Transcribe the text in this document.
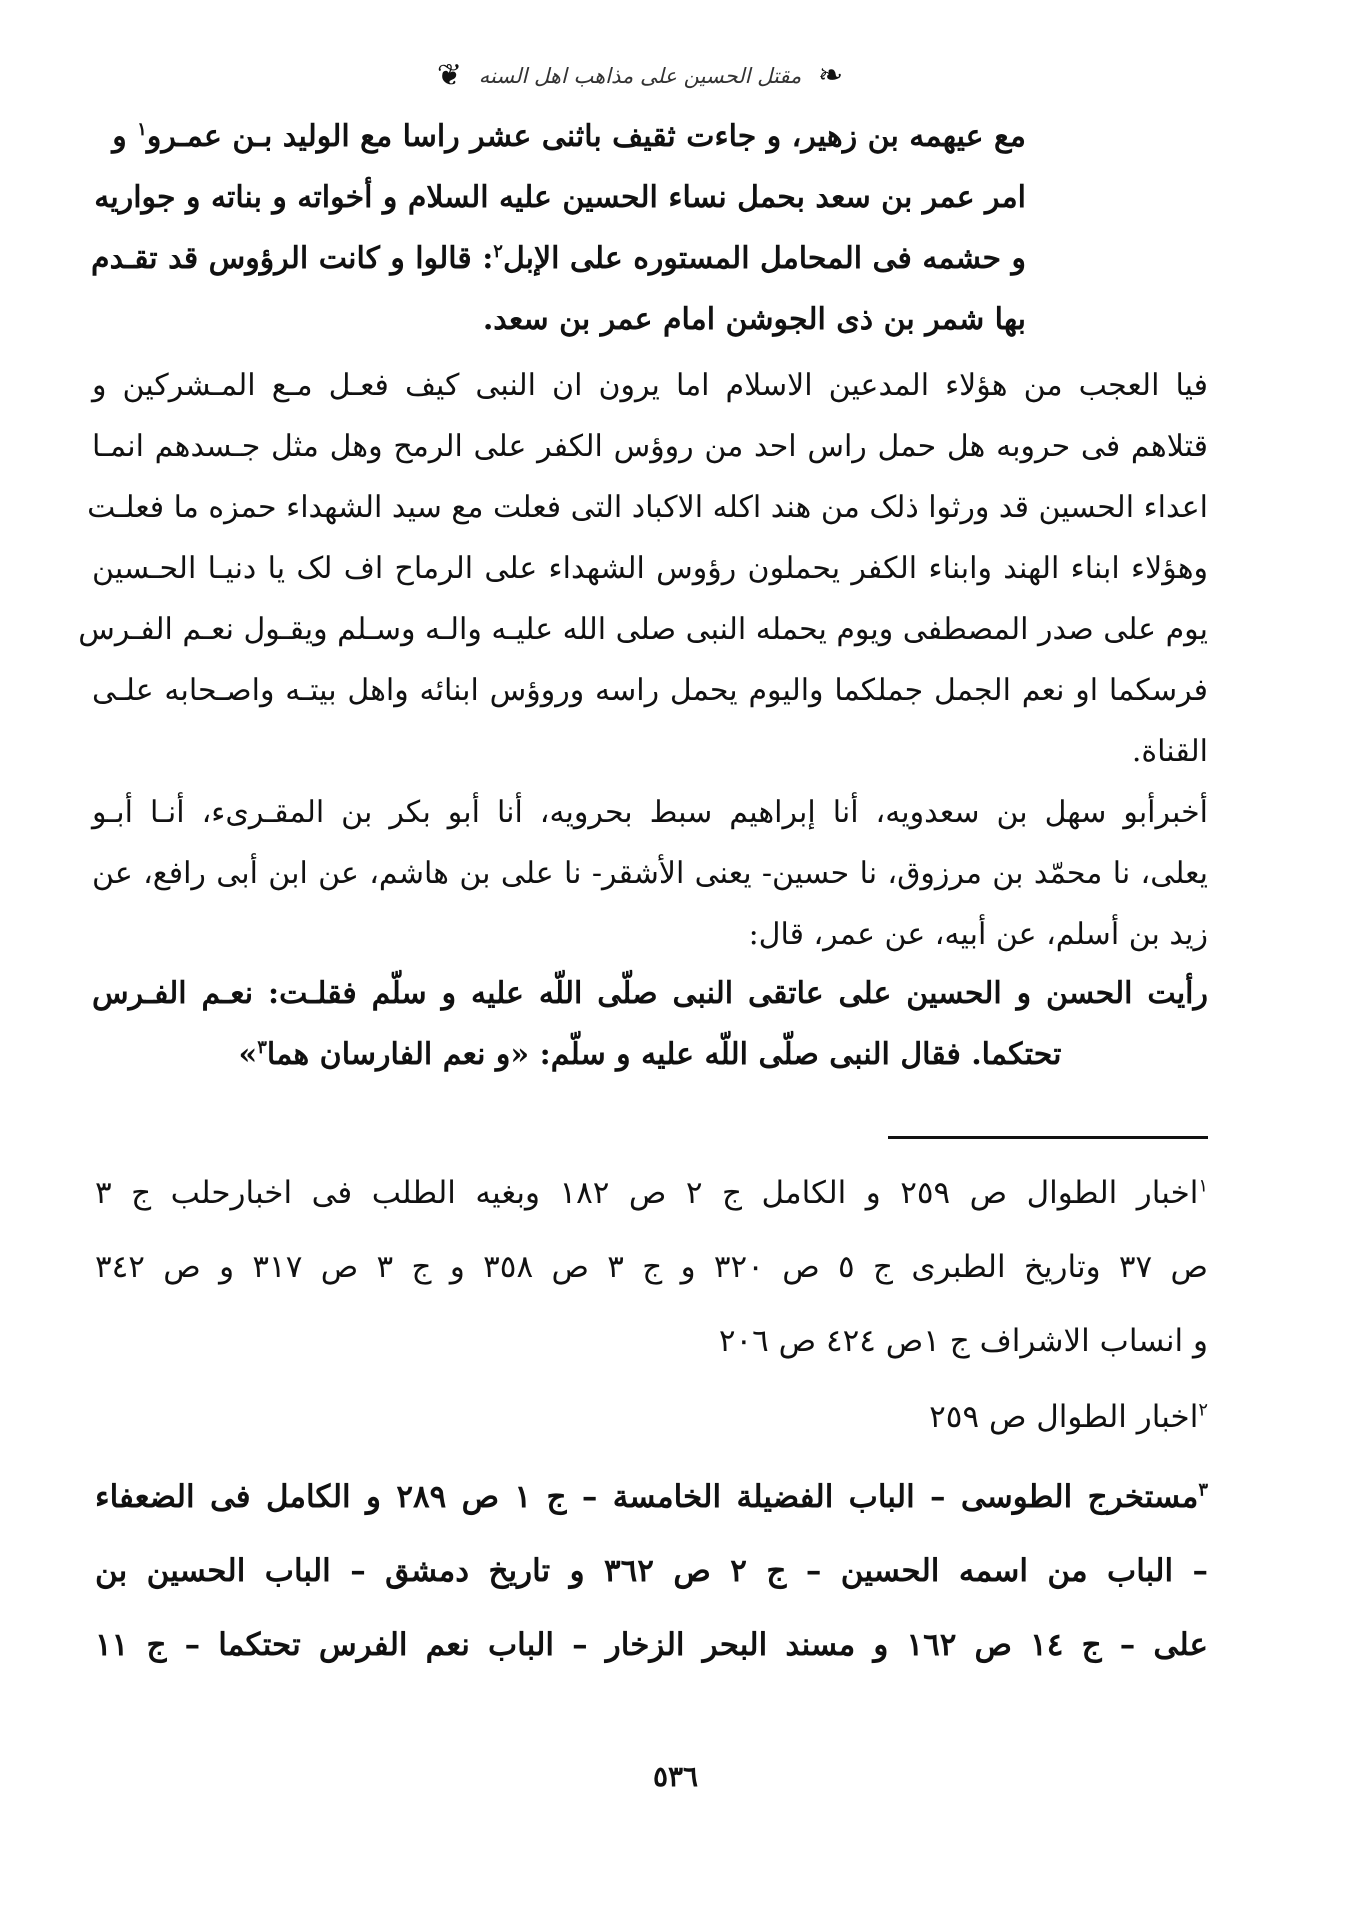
❧ مقتل الحسين على مذاهب اهل السنه ❦
مع عيهمه بن زهير، و جاءت ثقيف باثنى عشر راسا مع الوليد بـن عمـرو$^١$ و
امر عمر بن سعد بحمل نساء الحسين عليه السلام و أخواته و بناته و جواريه
و حشمه فى المحامل المستوره على الإبل$^٢$: قالوا و كانت الرؤوس قد تقـدم
بها شمر بن ذى الجوشن امام عمر بن سعد.
فيا العجب من هؤلاء المدعين الاسلام اما يرون ان النبى كيف فعـل مـع المـشركين و
قتلاهم فى حروبه هل حمل راس احد من روؤس الكفر على الرمح وهل مثل جـسدهم انمـا
اعداء الحسين قد ورثوا ذلک من هند اكله الاكباد التى فعلت مع سيد الشهداء حمزه ما فعلـت
وهؤلاء ابناء الهند وابناء الكفر يحملون رؤوس الشهداء على الرماح اف لک يا دنيـا الحـسين
يوم على صدر المصطفى ويوم يحمله النبى صلى الله عليـه والـه وسـلم ويقـول نعـم الفـرس
فرسكما او نعم الجمل جملكما واليوم يحمل راسه وروؤس ابنائه واهل بيتـه واصـحابه علـى
القناة.
أخبرأبو سهل بن سعدويه، أنا إبراهيم سبط بحرويه، أنا أبو بكر بن المقـرىء، أنـا أبـو
يعلى، نا محمّد بن مرزوق، نا حسين- يعنى الأشقر- نا على بن هاشم، عن ابن أبى رافع، عن
زيد بن أسلم، عن أبيه، عن عمر، قال:
رأيت الحسن و الحسين على عاتقى النبى صلّى اللّه عليه و سلّم فقلـت: نعـم الفـرس
تحتكما. فقال النبى صلّى اللّه عليه و سلّم: «و نعم الفارسان هما$^٣$»
$^١$اخبار الطوال ص ٢٥٩ و الكامل ج ٢ ص ١٨٢ وبغيه الطلب فى اخبارحلب ج ٣
ص ٣٧ وتاريخ الطبرى ج ٥ ص ٣٢٠ و ج ٣ ص ٣٥٨ و ج ٣ ص ٣١٧ و ص ٣٤٢
و انساب الاشراف ج ١ص ٤٢٤ ص ٢٠٦
$^٢$اخبار الطوال ص ٢٥٩
$^٣$مستخرج الطوسى – الباب الفضيلة الخامسة – ج ١ ص ٢٨٩ و الكامل فى الضعفاء
– الباب من اسمه الحسين – ج ٢ ص ٣٦٢ و تاريخ دمشق – الباب الحسين بن
على – ج ١٤ ص ١٦٢ و مسند البحر الزخار – الباب نعم الفرس تحتكما – ج ١١
٥٣٦
